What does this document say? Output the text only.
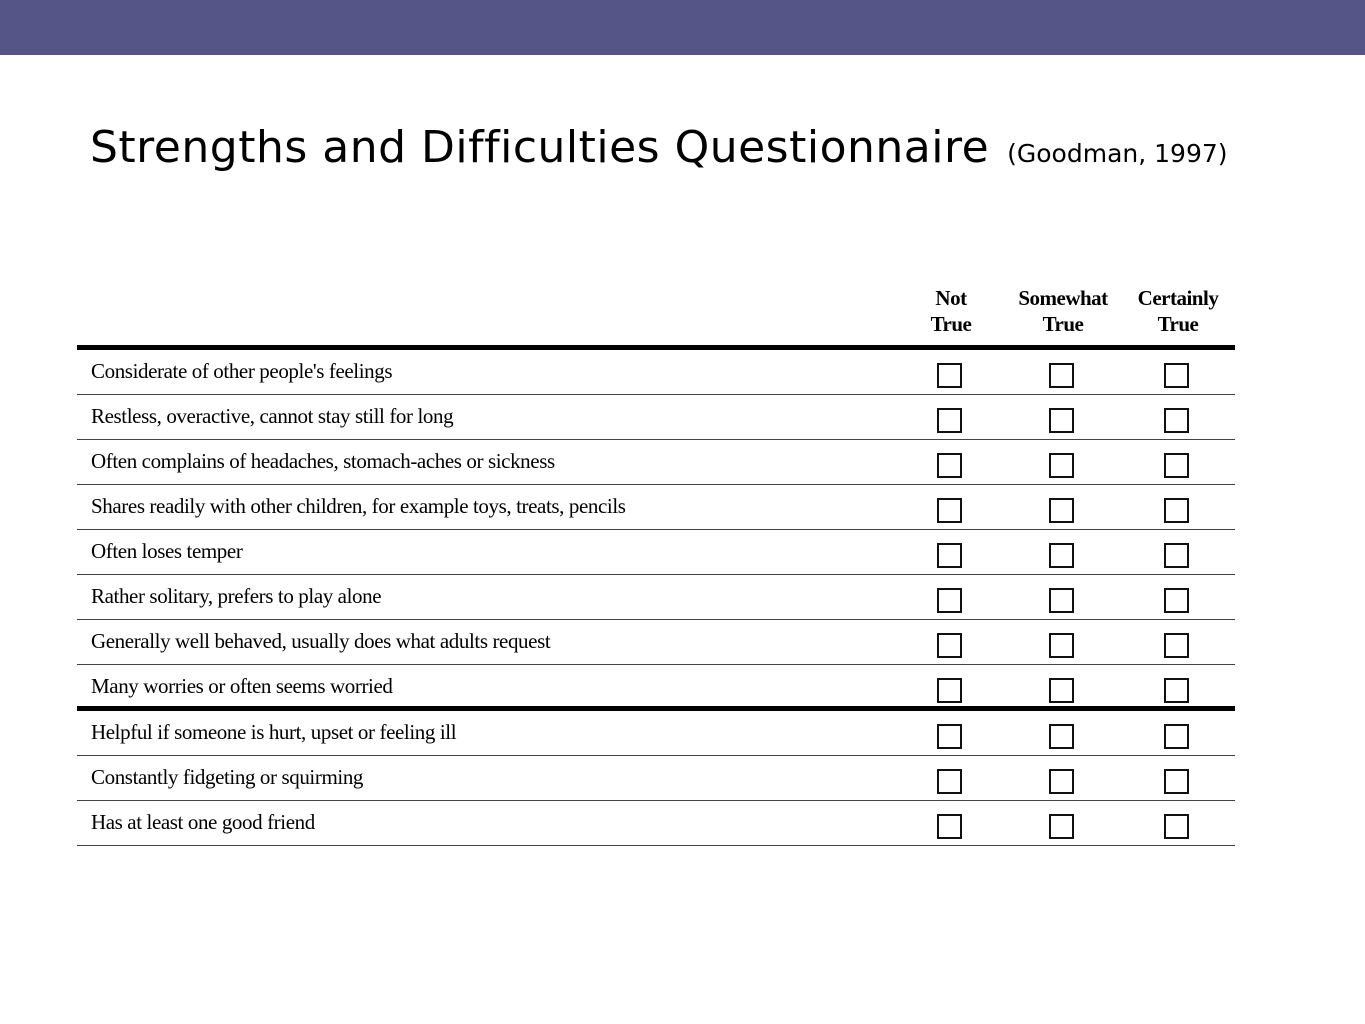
Strengths and Difficulties Questionnaire (Goodman, 1997)
Not
True
Somewhat
True
Certainly
True
Considerate of other people's feelings
Restless, overactive, cannot stay still for long
Often complains of headaches, stomach-aches or sickness
Shares readily with other children, for example toys, treats, pencils
Often loses temper
Rather solitary, prefers to play alone
Generally well behaved, usually does what adults request
Many worries or often seems worried
Helpful if someone is hurt, upset or feeling ill
Constantly fidgeting or squirming
Has at least one good friend
